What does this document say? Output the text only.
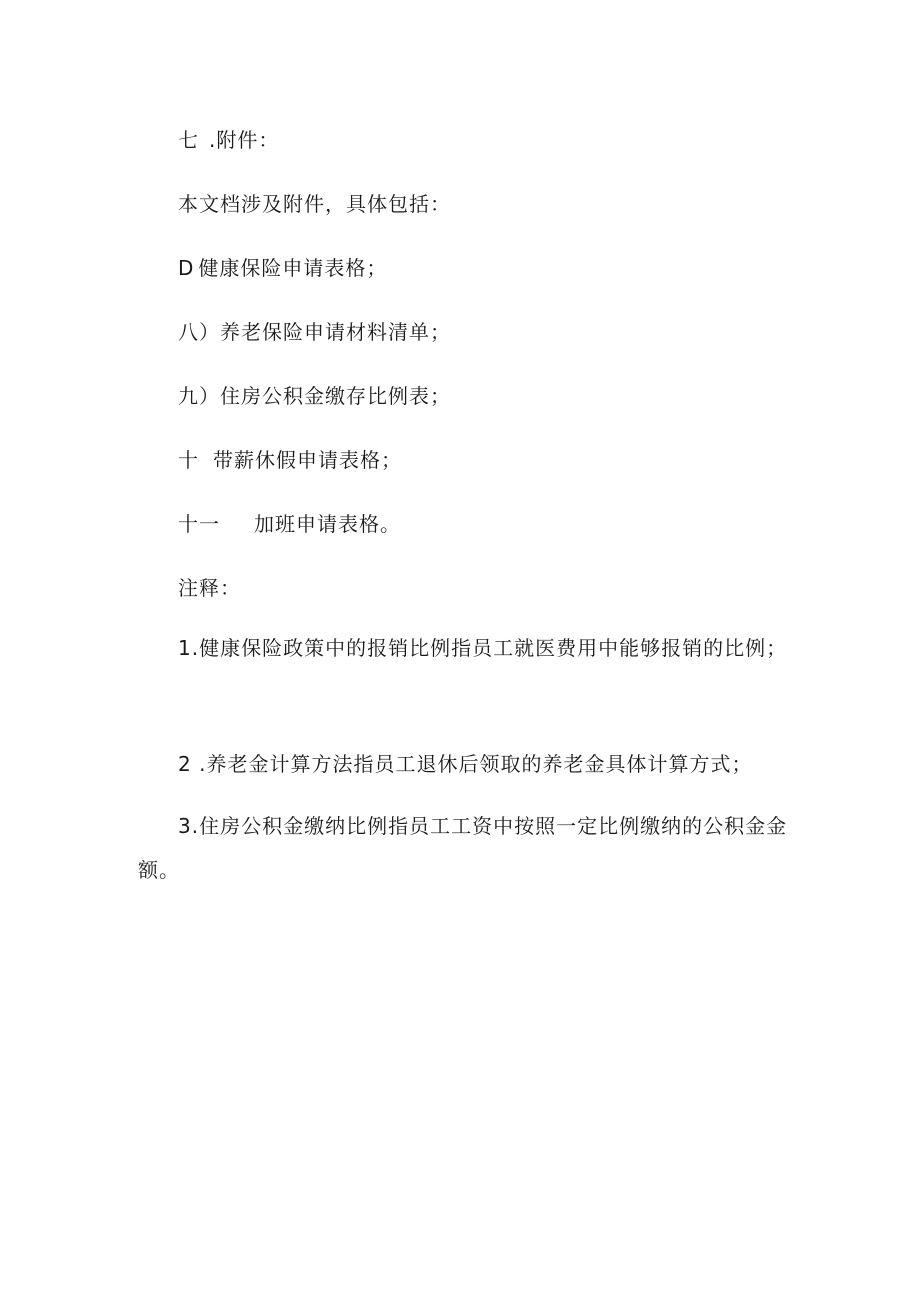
七 .附件：
本文档涉及附件，具体包括：
D 健康保险申请表格；
八）养老保险申请材料清单；
九）住房公积金缴存比例表；
十 带薪休假申请表格；
十一 加班申请表格。
注释：
1.健康保险政策中的报销比例指员工就医费用中能够报销的比例；
2 .养老金计算方法指员工退休后领取的养老金具体计算方式；
3.住房公积金缴纳比例指员工工资中按照一定比例缴纳的公积金金额。
